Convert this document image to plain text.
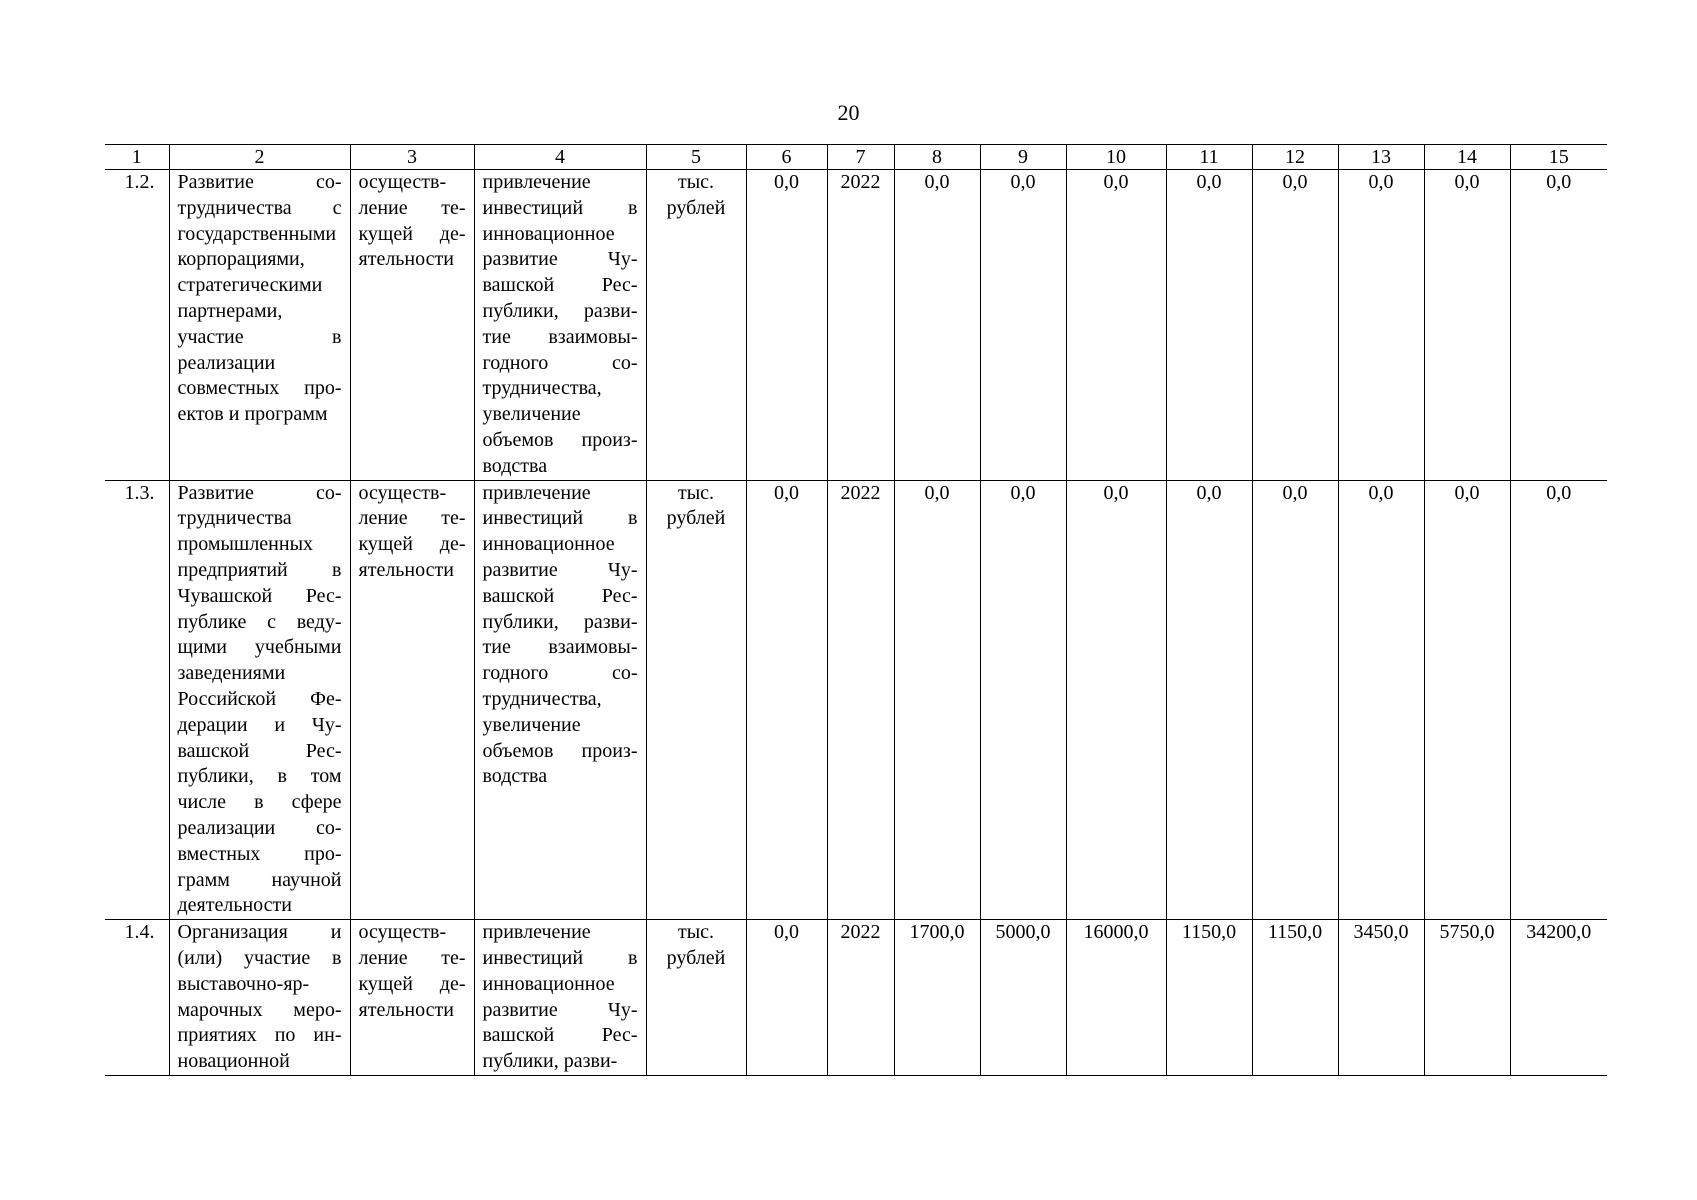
20
1	2	3	4	5	6	7	8	9	10	11	12	13	14	15
1.2.	Развитие сотрудничества с государственными корпорациями, стратегическими партнерами, участие в реализации совместных проектов и программ	осуществление текущей деятельности	привлечение инвестиций в инновационное развитие Чувашской Республики, развитие взаимовыгодного сотрудничества, увеличение объемов производства	тыс. рублей	0,0	2022	0,0	0,0	0,0	0,0	0,0	0,0	0,0	0,0
1.3.	Развитие сотрудничества промышленных предприятий в Чувашской Республике с ведущими учебными заведениями Российской Федерации и Чувашской Республики, в том числе в сфере реализации совместных программ научной деятельности	осуществление текущей деятельности	привлечение инвестиций в инновационное развитие Чувашской Республики, развитие взаимовыгодного сотрудничества, увеличение объемов производства	тыс. рублей	0,0	2022	0,0	0,0	0,0	0,0	0,0	0,0	0,0	0,0
1.4.	Организация и (или) участие в выставочно-ярмарочных мероприятиях по инновационной	осуществление текущей деятельности	привлечение инвестиций в инновационное развитие Чувашской Республики, разви-	тыс. рублей	0,0	2022	1700,0	5000,0	16000,0	1150,0	1150,0	3450,0	5750,0	34200,0
